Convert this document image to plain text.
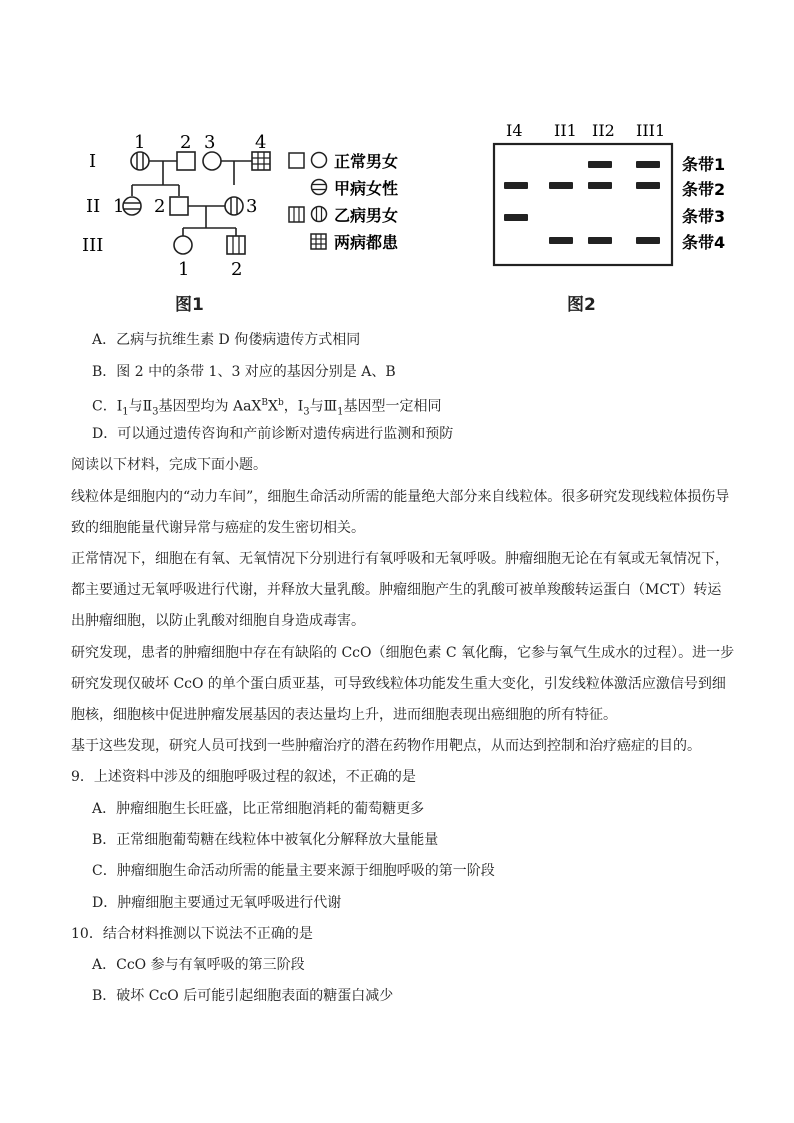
I
II
III
1 2 3 4
1 2	3
1 2
正常男女
甲病女性
乙病男女
两病都患
图1
I4 II1 II2 III1
条带1
条带2
条带3
条带4
图2
A．乙病与抗维生素 D 佝偻病遗传方式相同
B．图 2 中的条带 1、3 对应的基因分别是 A、B
C．$Ⅰ_1$与$Ⅱ_3$基因型均为 $AaX^BX^b$，$Ⅰ_3$与$Ⅲ_1$基因型一定相同
D．可以通过遗传咨询和产前诊断对遗传病进行监测和预防
阅读以下材料，完成下面小题。
线粒体是细胞内的“动力车间”，细胞生命活动所需的能量绝大部分来自线粒体。很多研究发现线粒体损伤导
致的细胞能量代谢异常与癌症的发生密切相关。
正常情况下，细胞在有氧、无氧情况下分别进行有氧呼吸和无氧呼吸。肿瘤细胞无论在有氧或无氧情况下，
都主要通过无氧呼吸进行代谢，并释放大量乳酸。肿瘤细胞产生的乳酸可被单羧酸转运蛋白（MCT）转运
出肿瘤细胞，以防止乳酸对细胞自身造成毒害。
研究发现，患者的肿瘤细胞中存在有缺陷的 CcO（细胞色素 C 氧化酶，它参与氧气生成水的过程）。进一步
研究发现仅破坏 CcO 的单个蛋白质亚基，可导致线粒体功能发生重大变化，引发线粒体激活应激信号到细
胞核，细胞核中促进肿瘤发展基因的表达量均上升，进而细胞表现出癌细胞的所有特征。
基于这些发现，研究人员可找到一些肿瘤治疗的潜在药物作用靶点，从而达到控制和治疗癌症的目的。
9．上述资料中涉及的细胞呼吸过程的叙述，不正确的是
A．肿瘤细胞生长旺盛，比正常细胞消耗的葡萄糖更多
B．正常细胞葡萄糖在线粒体中被氧化分解释放大量能量
C．肿瘤细胞生命活动所需的能量主要来源于细胞呼吸的第一阶段
D．肿瘤细胞主要通过无氧呼吸进行代谢
10．结合材料推测以下说法不正确的是
A．CcO 参与有氧呼吸的第三阶段
B．破坏 CcO 后可能引起细胞表面的糖蛋白减少
